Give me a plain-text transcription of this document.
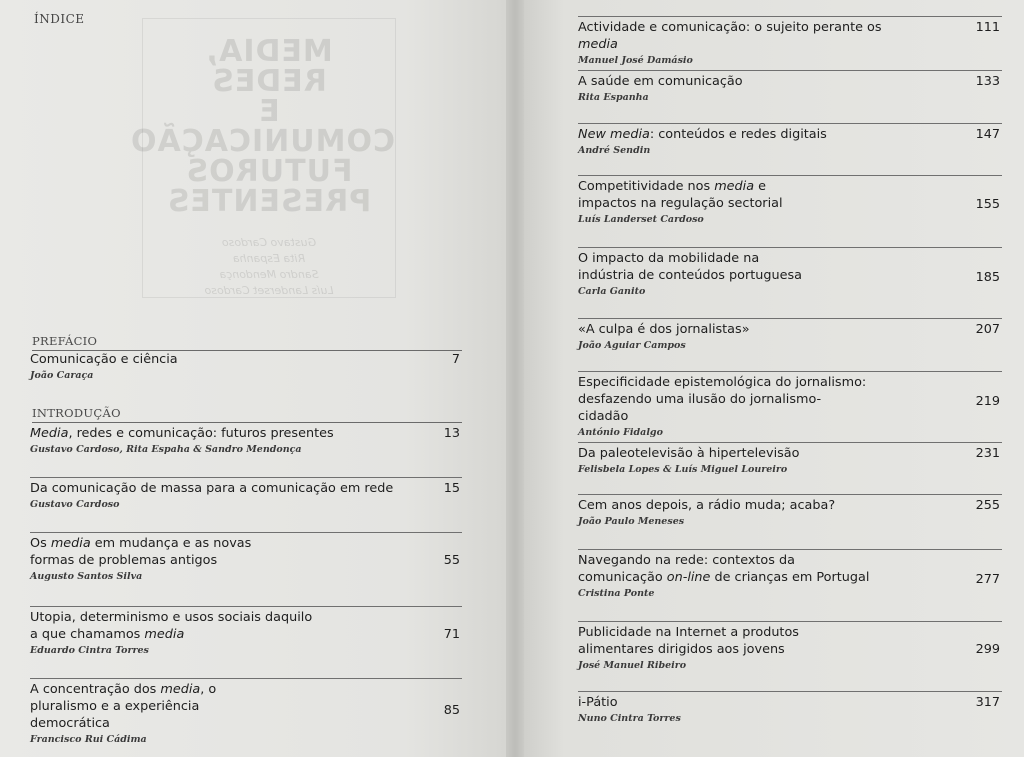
ÍNDICE
MEDIA, REDES
E COMUNICAÇÃO
FUTUROS
PRESENTES
Gustavo Cardoso
Rita Espanha
Sandro Mendonça
Luís Landerset Cardoso
PREFÁCIO
Comunicação e ciência
João Caraça
7
INTRODUÇÃO
Media, redes e comunicação: futuros presentes
Gustavo Cardoso, Rita Espaha & Sandro Mendonça
13
Da comunicação de massa para a comunicação em rede
Gustavo Cardoso
15
Os media em mudança e as novas formas de problemas antigos
Augusto Santos Silva
55
Utopia, determinismo e usos sociais daquilo a que chamamos media
Eduardo Cintra Torres
71
A concentração dos media, o pluralismo e a experiência democrática
Francisco Rui Cádima
85
Actividade e comunicação: o sujeito perante os media
Manuel José Damásio
111
A saúde em comunicação
Rita Espanha
133
New media: conteúdos e redes digitais
André Sendin
147
Competitividade nos media e impactos na regulação sectorial
Luís Landerset Cardoso
155
O impacto da mobilidade na indústria de conteúdos portuguesa
Carla Ganito
185
«A culpa é dos jornalistas»
João Aguiar Campos
207
Especificidade epistemológica do jornalismo: desfazendo uma ilusão do jornalismo-cidadão
António Fidalgo
219
Da paleotelevisão à hipertelevisão
Felisbela Lopes & Luís Miguel Loureiro
231
Cem anos depois, a rádio muda; acaba?
João Paulo Meneses
255
Navegando na rede: contextos da comunicação on-line de crianças em Portugal
Cristina Ponte
277
Publicidade na Internet a produtos alimentares dirigidos aos jovens
José Manuel Ribeiro
299
i-Pátio
Nuno Cintra Torres
317
